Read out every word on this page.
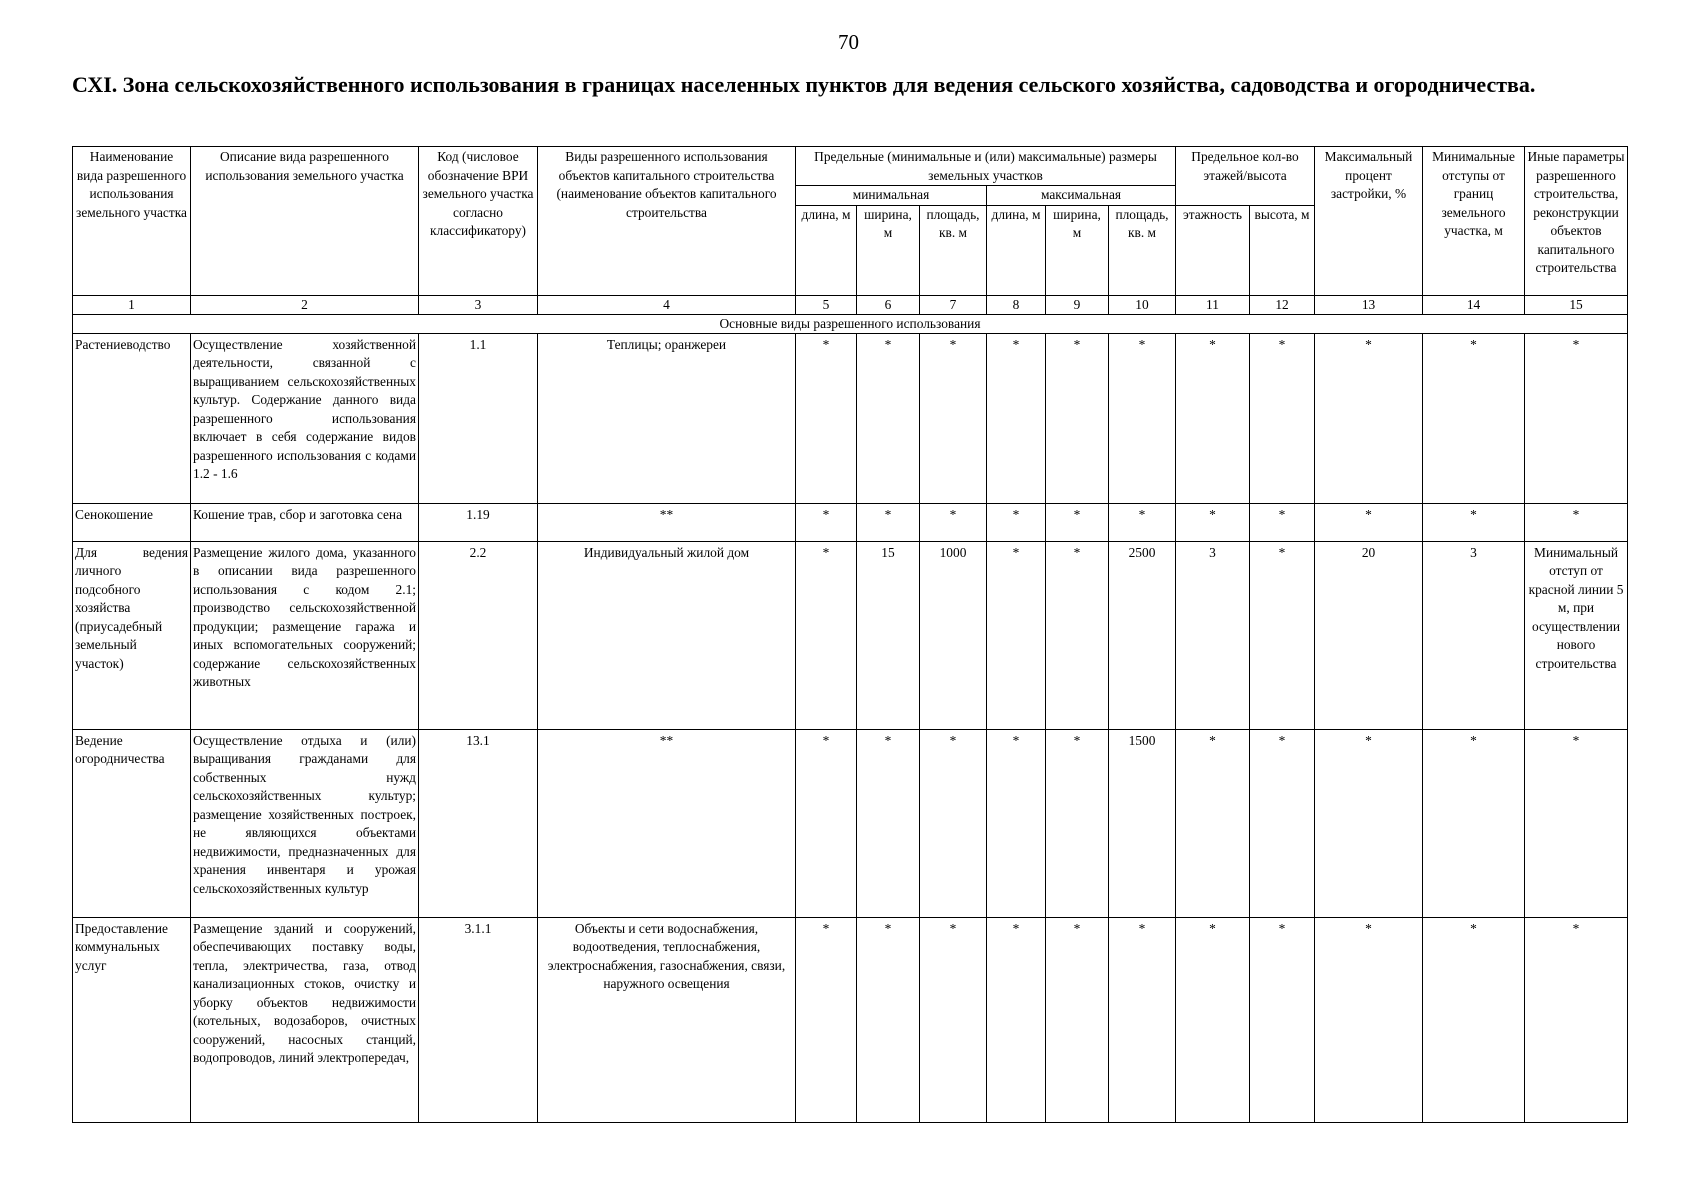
70
СХI. Зона сельскохозяйственного использования в границах населенных пунктов для ведения сельского хозяйства, садоводства и огородничества.
Наименование вида разрешенного использования земельного участка	Описание вида разрешенного использования земельного участка	Код (числовое обозначение ВРИ земельного участка согласно классификатору)	Виды разрешенного использования объектов капитального строительства (наименование объектов капитального строительства	Предельные (минимальные и (или) максимальные) размеры земельных участков						Предельное кол-во этажей/высота		Максимальный процент застройки, %	Минимальные отступы от границ земельного участка, м	Иные параметры разрешенного строительства, реконструкции объектов капитального строительства

				минимальная			максимальная							
				длина, м	ширина, м	площадь, кв. м	длина, м	ширина, м	площадь, кв. м	этажность	высота, м			
1	2	3	4	5	6	7	8	9	10	11	12	13	14	15
Основные виды разрешенного использования														
Растениеводство	Осуществление хозяйственной деятельности, связанной с выращиванием сельскохозяйственных культур. Содержание данного вида разрешенного использования включает в себя содержание видов разрешенного использования с кодами 1.2 - 1.6	1.1	Теплицы; оранжереи	*	*	*	*	*	*	*	*	*	*	*
Сенокошение	Кошение трав, сбор и заготовка сена	1.19	**	*	*	*	*	*	*	*	*	*	*	*
Для ведения личного подсобного хозяйства (приусадебный земельный участок)	Размещение жилого дома, указанного в описании вида разрешенного использования с кодом 2.1; производство сельскохозяйственной продукции; размещение гаража и иных вспомогательных сооружений; содержание сельскохозяйственных животных	2.2	Индивидуальный жилой дом	*	15	1000	*	*	2500	3	*	20	3	Минимальный отступ от красной линии 5 м, при осуществлении нового строительства
Ведение огородничества	Осуществление отдыха и (или) выращивания гражданами для собственных нужд сельскохозяйственных культур; размещение хозяйственных построек, не являющихся объектами недвижимости, предназначенных для хранения инвентаря и урожая сельскохозяйственных культур	13.1	**	*	*	*	*	*	1500	*	*	*	*	*
Предоставление коммунальных услуг	Размещение зданий и сооружений, обеспечивающих поставку воды, тепла, электричества, газа, отвод канализационных стоков, очистку и уборку объектов недвижимости (котельных, водозаборов, очистных сооружений, насосных станций, водопроводов, линий электропередач,	3.1.1	Объекты и сети водоснабжения, водоотведения, теплоснабжения, электроснабжения, газоснабжения, связи, наружного освещения	*	*	*	*	*	*	*	*	*	*	*
